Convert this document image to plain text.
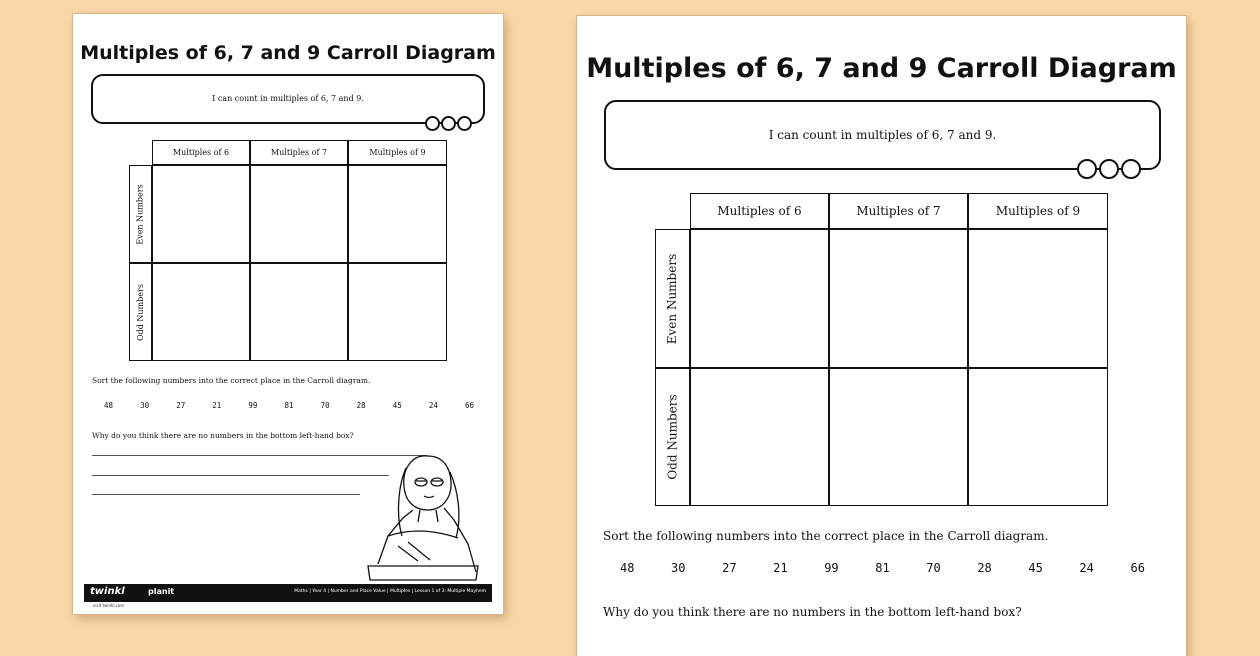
Multiples of 6, 7 and 9 Carroll Diagram
I can count in multiples of 6, 7 and 9.
Multiples of 6	Multiples of 7	Multiples of 9
Even Numbers
Odd Numbers
Sort the following numbers into the correct place in the Carroll diagram.
48	30	27	21	99	81	70	28	45	24	66
Why do you think there are no numbers in the bottom left-hand box?
twinkl	planit	Maths | Year 4 | Number and Place Value | Multiples | Lesson 1 of 3: Multiple Mayhem
visit twinkl.com
Multiples of 6, 7 and 9 Carroll Diagram
I can count in multiples of 6, 7 and 9.
Multiples of 6	Multiples of 7	Multiples of 9
Even Numbers
Odd Numbers
Sort the following numbers into the correct place in the Carroll diagram.
48	30	27	21	99	81	70	28	45	24	66
Why do you think there are no numbers in the bottom left-hand box?
